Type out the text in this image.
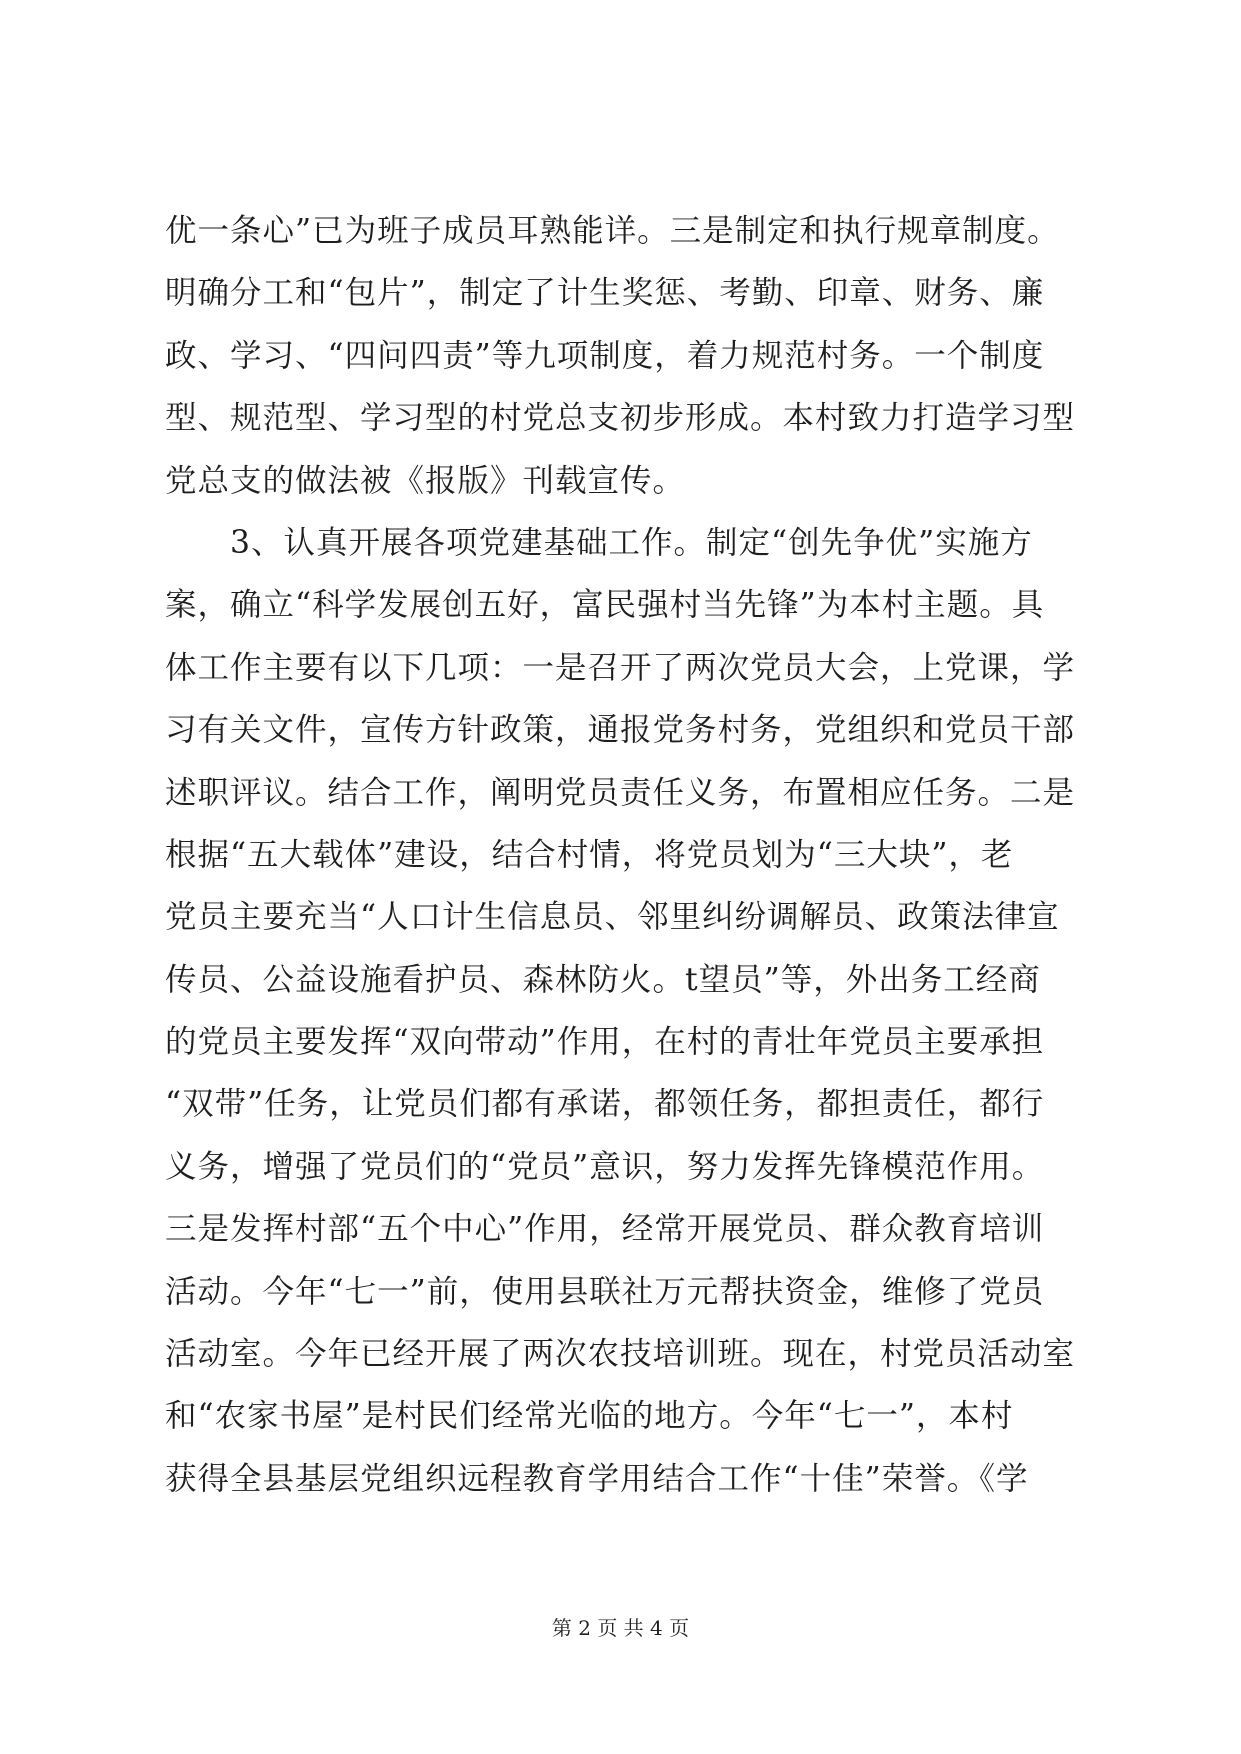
优一条心”已为班子成员耳熟能详。三是制定和执行规章制度。
明确分工和“包片”，制定了计生奖惩、考勤、印章、财务、廉
政、学习、“四问四责”等九项制度，着力规范村务。一个制度
型、规范型、学习型的村党总支初步形成。本村致力打造学习型
党总支的做法被《报版》刊载宣传。
　　3、认真开展各项党建基础工作。制定“创先争优”实施方
案，确立“科学发展创五好，富民强村当先锋”为本村主题。具
体工作主要有以下几项：一是召开了两次党员大会，上党课，学
习有关文件，宣传方针政策，通报党务村务，党组织和党员干部
述职评议。结合工作，阐明党员责任义务，布置相应任务。二是
根据“五大载体”建设，结合村情，将党员划为“三大块”，老
党员主要充当“人口计生信息员、邻里纠纷调解员、政策法律宣
传员、公益设施看护员、森林防火。t望员”等，外出务工经商
的党员主要发挥“双向带动”作用，在村的青壮年党员主要承担
“双带”任务，让党员们都有承诺，都领任务，都担责任，都行
义务，增强了党员们的“党员”意识，努力发挥先锋模范作用。
三是发挥村部“五个中心”作用，经常开展党员、群众教育培训
活动。今年“七一”前，使用县联社万元帮扶资金，维修了党员
活动室。今年已经开展了两次农技培训班。现在，村党员活动室
和“农家书屋”是村民们经常光临的地方。今年“七一”，本村
获得全县基层党组织远程教育学用结合工作“十佳”荣誉。《学
第 2 页 共 4 页
